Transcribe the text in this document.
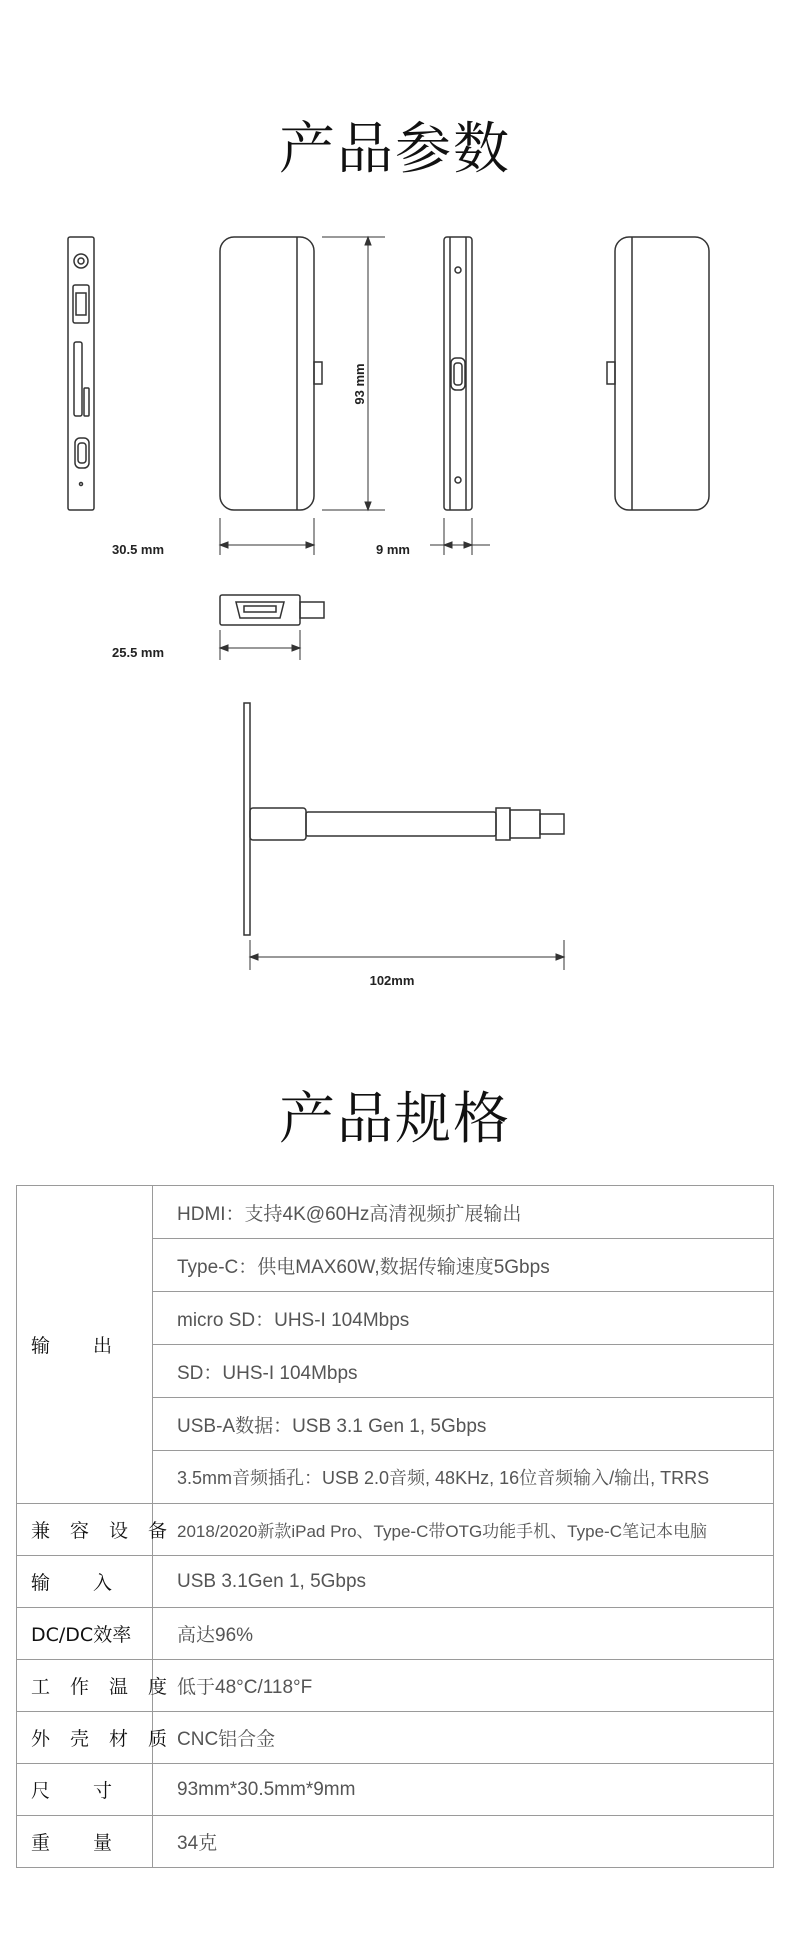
产品参数
93 mm
30.5 mm	9 mm
25.5 mm
102mm
产品规格
输 出	HDMI：支持4K@60Hz高清视频扩展输出
	Type-C：供电MAX60W,数据传输速度5Gbps
	micro SD：UHS-I 104Mbps
	SD：UHS-I 104Mbps
	USB-A数据：USB 3.1 Gen 1, 5Gbps
	3.5mm音频插孔：USB 2.0音频, 48KHz, 16位音频输入/输出, TRRS

兼 容 设 备	2018/2020新款iPad Pro、Type-C带OTG功能手机、Type-C笔记本电脑

输 入	USB 3.1Gen 1, 5Gbps
DC/DC效率	高达96%

工 作 温 度	低于48°C/118°F

外 壳 材 质	CNC铝合金

尺 寸	93mm*30.5mm*9mm

重 量	34克
